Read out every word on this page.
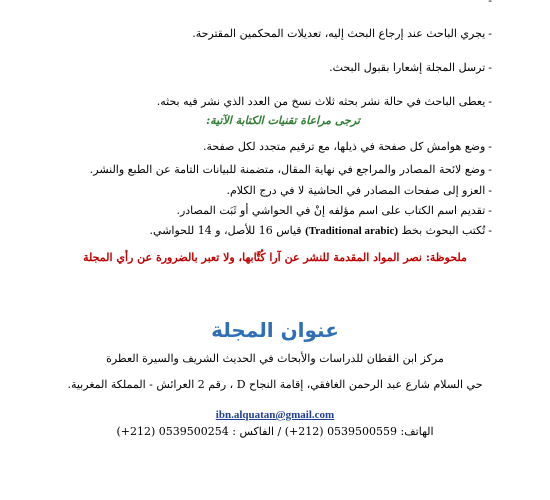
-
-يجري الباحث عند إرجاع البحث إليه، تعديلات المحكمين المقترحة.
-ترسل المجلة إشعارا بقبول البحث.
-يعطى الباحث في حالة نشر بحثه ثلاث نسخ من العدد الذي نشر فيه بحثه.
ترجى مراعاة تقنيات الكتابة الآتية:
-وضع هوامش كل صفحة في ذيلها، مع ترقيم متجدد لكل صفحة.
-وضع لائحة المصادر والمراجع في نهاية المقال، متضمنة للبيانات التامة عن الطبع والنشر.
-العزو إلى صفحات المصادر في الحاشية لا في درج الكلام.
-تقديم اسم الكتاب على اسم مؤلفه إنْ في الحواشي أو ثَبَت المصادر.
-تُكتب البحوث بخط (Traditional arabic) قياس 16 للأصل، و 14 للحواشي.
ملحوظة: نصر المواد المقدمة للنشر عن آرا كُتَّابها، ولا تعبر بالضرورة عن رأي المجلة
عنوان المجلة
مركز ابن القطان للدراسات والأبحاث في الحديث الشريف والسيرة العطرة
حي السلام شارع عبد الرحمن الغافقي، إقامة النجاح D ، رقم 2 العرائش - المملكة المغربية.
ibn.alquatan@gmail.com
الهاتف: 0539500559 (212+) / الفاكس : 0539500254 (212+)
